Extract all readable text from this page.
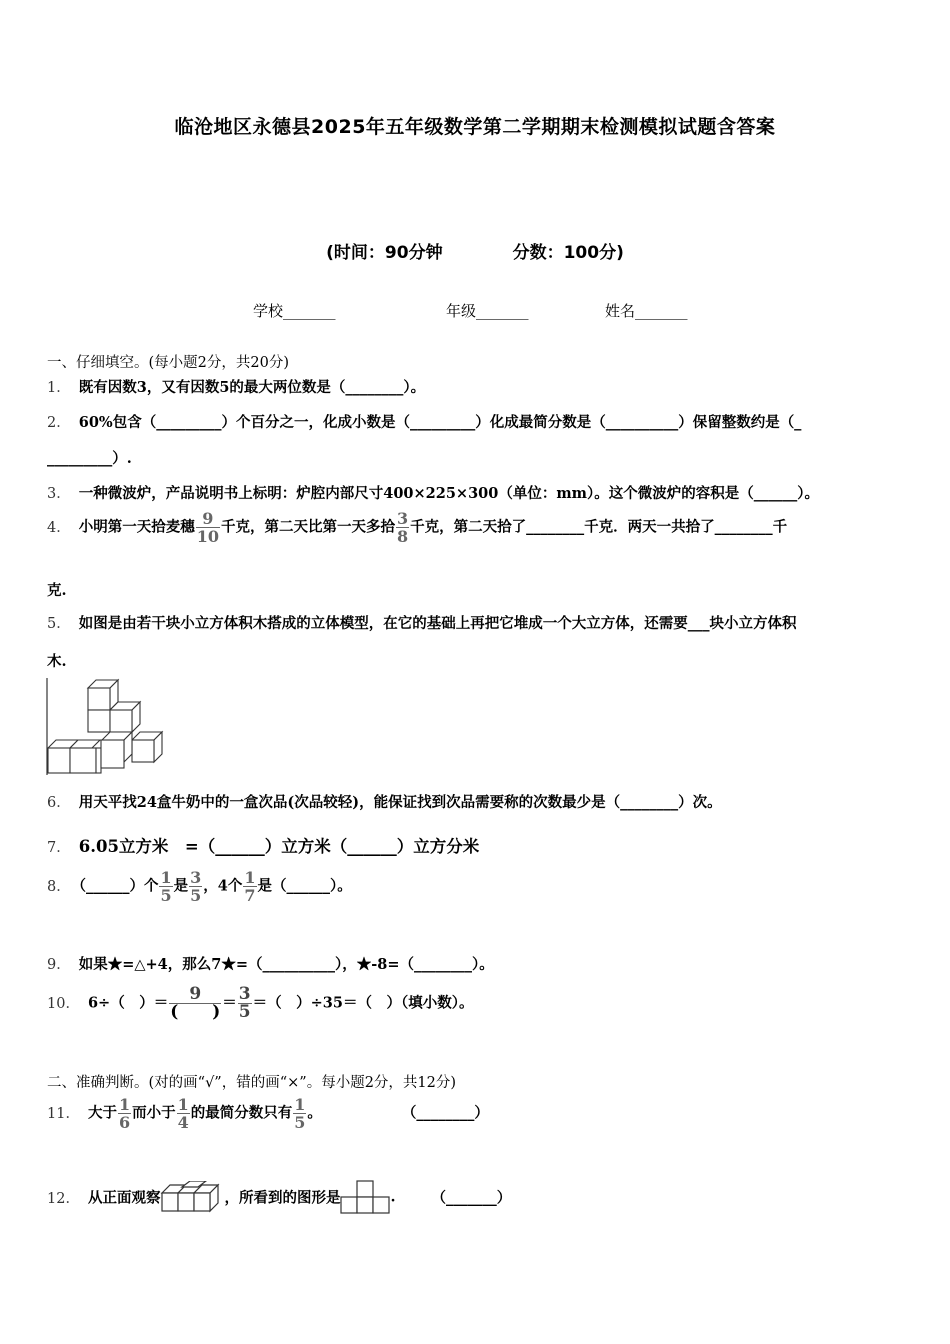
临沧地区永德县2025年五年级数学第二学期期末检测模拟试题含答案
(时间：90分钟	分数：100分)
学校_______	年级_______	姓名_______
一、仔细填空。(每小题2分，共20分)
1． 既有因数3，又有因数5的最大两位数是（________）。
2． 60%包含（_________）个百分之一，化成小数是（_________）化成最简分数是（__________）保留整数约是（_
_________）.
3． 一种微波炉，产品说明书上标明：炉腔内部尺寸400×225×300（单位：mm）。这个微波炉的容积是（______）。
4． 小明第一天拾麦穗 $\frac{9}{10}$ 千克，第二天比第一天多拾 $\frac{3}{8}$ 千克，第二天拾了________千克．两天一共拾了________千
克.
5． 如图是由若干块小立方体积木搭成的立体模型，在它的基础上再把它堆成一个大立方体，还需要___块小立方体积
木.
6． 用天平找24盒牛奶中的一盒次品(次品较轻)，能保证找到次品需要称的次数最少是（________）次。
7． 6.05立方米　=（______）立方米（______）立方分米
8． （______）个 $\frac{1}{5}$ 是 $\frac{3}{5}$ ，4个 $\frac{1}{7}$ 是（______）。
9． 如果★=△+4，那么7★=（__________），★-8=（________）。
10． 6÷（　）＝ $\frac{9}{( )} = \frac{3}{5}$ ＝（　）÷35＝（　）（填小数）。
二、准确判断。(对的画“√”，错的画“×”。每小题2分，共12分)
11． 大于 $\frac{1}{6}$ 而小于 $\frac{1}{4}$ 的最简分数只有 $\frac{1}{5}$ 。	（________）
12． 从正面观察	，所看到的图形是	. （_______）
